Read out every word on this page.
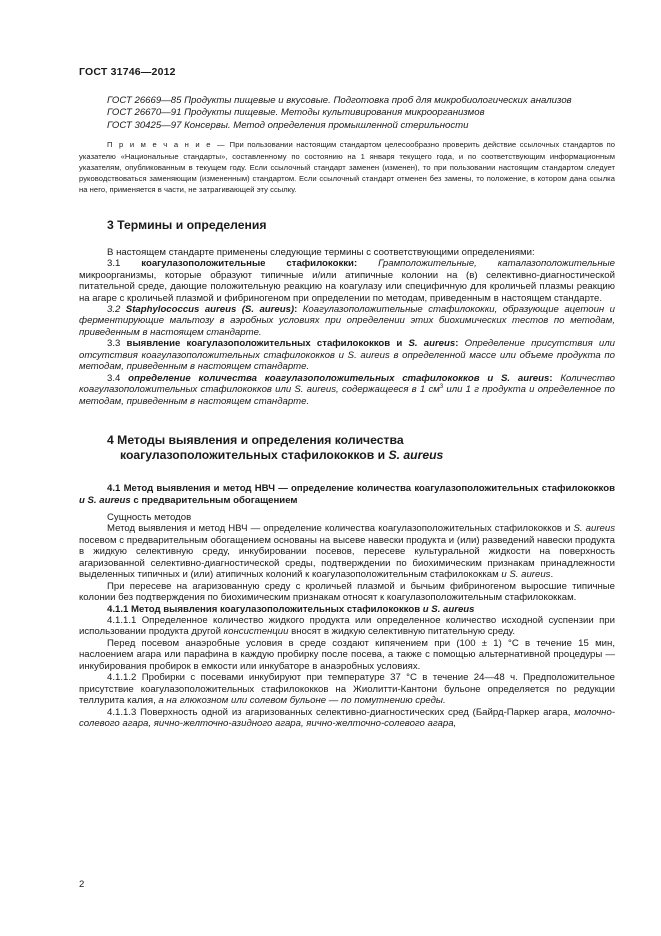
ГОСТ 31746—2012

ГОСТ 26669—85 Продукты пищевые и вкусовые. Подготовка проб для микробиологических анализов

ГОСТ 26670—91 Продукты пищевые. Методы культивирования микроорганизмов

ГОСТ 30425—97 Консервы. Метод определения промышленной стерильности

П р и м е ч а н и е — При пользовании настоящим стандартом целесообразно проверить действие ссылочных стандартов по указателю «Национальные стандарты», составленному по состоянию на 1 января текущего года, и по соответствующим информационным указателям, опубликованным в текущем году. Если ссылочный стандарт заменен (изменен), то при пользовании настоящим стандартом следует руководствоваться заменяющим (измененным) стандартом. Если ссылочный стандарт отменен без замены, то положение, в котором дана ссылка на него, применяется в части, не затрагивающей эту ссылку.

3 Термины и определения

В настоящем стандарте применены следующие термины с соответствующими определениями:

3.1 коагулазоположительные стафилококки: Грамположительные, каталазоположительные микроорганизмы, которые образуют типичные и/или атипичные колонии на (в) селективно-диагностической питательной среде, дающие положительную реакцию на коагулазу или специфичную для кроличьей плазмы реакцию на агаре с кроличьей плазмой и фибриногеном при определении по методам, приведенным в настоящем стандарте.

3.2 Staphylococcus aureus (S. aureus): Коагулазоположительные стафилококки, образующие ацетоин и ферментирующие мальтозу в аэробных условиях при определении этих биохимических тестов по методам, приведенным в настоящем стандарте.

3.3 выявление коагулазоположительных стафилококков и S. aureus: Определение присутствия или отсутствия коагулазоположительных стафилококков и S. aureus в определенной массе или объеме продукта по методам, приведенным в настоящем стандарте.

3.4 определение количества коагулазоположительных стафилококков и S. aureus: Количество коагулазоположительных стафилококков или S. aureus, содержащееся в 1 $см^3$ или 1 г продукта и определенное по методам, приведенным в настоящем стандарте.

4 Методы выявления и определения количества
коагулазоположительных стафилококков и S. aureus

4.1 Метод выявления и метод НВЧ — определение количества коагулазоположительных стафилококков и S. aureus с предварительным обогащением

Сущность методов

Метод выявления и метод НВЧ — определение количества коагулазоположительных стафилококков и S. aureus посевом с предварительным обогащением основаны на высеве навески продукта и (или) разведений навески продукта в жидкую селективную среду, инкубировании посевов, пересеве культуральной жидкости на поверхность агаризованной селективно-диагностической среды, подтверждении по биохимическим признакам принадлежности выделенных типичных и (или) атипичных колоний к коагулазоположительным стафилококкам и S. aureus.

При пересеве на агаризованную среду с кроличьей плазмой и бычьим фибриногеном выросшие типичные колонии без подтверждения по биохимическим признакам относят к коагулазоположительным стафилококкам.

4.1.1 Метод выявления коагулазоположительных стафилококков и S. aureus

4.1.1.1 Определенное количество жидкого продукта или определенное количество исходной суспензии при использовании продукта другой консистенции вносят в жидкую селективную питательную среду.

Перед посевом анаэробные условия в среде создают кипячением при (100 ± 1) °С в течение 15 мин, наслоением агара или парафина в каждую пробирку после посева, а также с помощью альтернативной процедуры — инкубирования пробирок в емкости или инкубаторе в анаэробных условиях.

4.1.1.2 Пробирки с посевами инкубируют при температуре 37 °С в течение 24—48 ч. Предположительное присутствие коагулазоположительных стафилококков на Жиолитти-Кантони бульоне определяется по редукции теллурита калия, а на глюкозном или солевом бульоне — по помутнению среды.

4.1.1.3 Поверхность одной из агаризованных селективно-диагностических сред (Байрд-Паркер агара, молочно-солевого агара, яично-желточно-азидного агара, яично-желточно-солевого агара,

2
